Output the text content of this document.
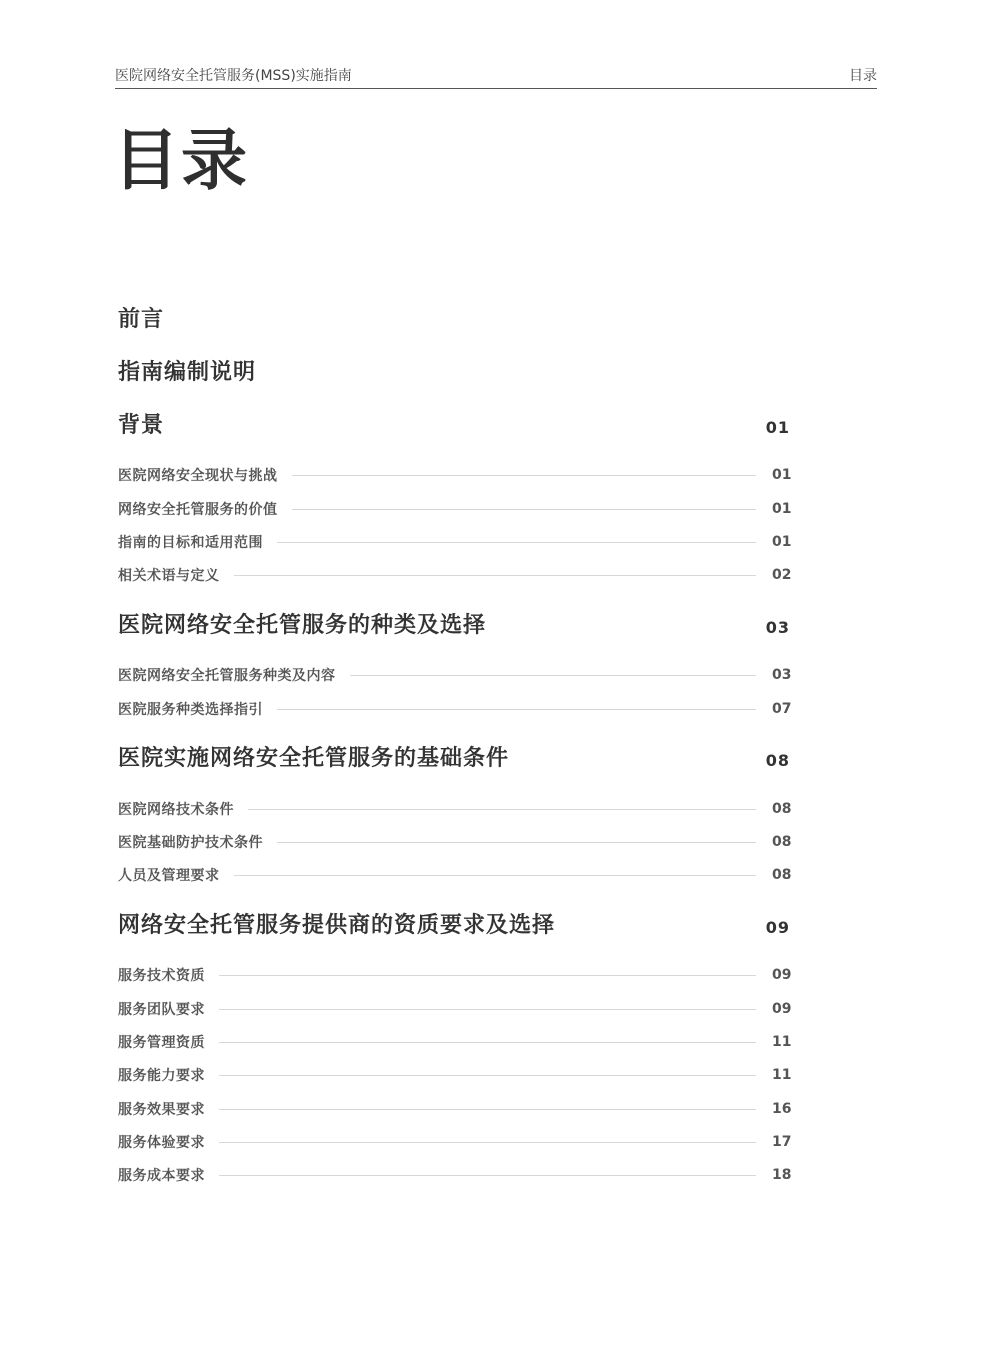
医院网络安全托管服务(MSS)实施指南	目录
目录
前言
指南编制说明
背景	01
医院网络安全现状与挑战	01
网络安全托管服务的价值	01
指南的目标和适用范围	01
相关术语与定义	02
医院网络安全托管服务的种类及选择	03
医院网络安全托管服务种类及内容	03
医院服务种类选择指引	07
医院实施网络安全托管服务的基础条件	08
医院网络技术条件	08
医院基础防护技术条件	08
人员及管理要求	08
网络安全托管服务提供商的资质要求及选择	09
服务技术资质	09
服务团队要求	09
服务管理资质	11
服务能力要求	11
服务效果要求	16
服务体验要求	17
服务成本要求	18
